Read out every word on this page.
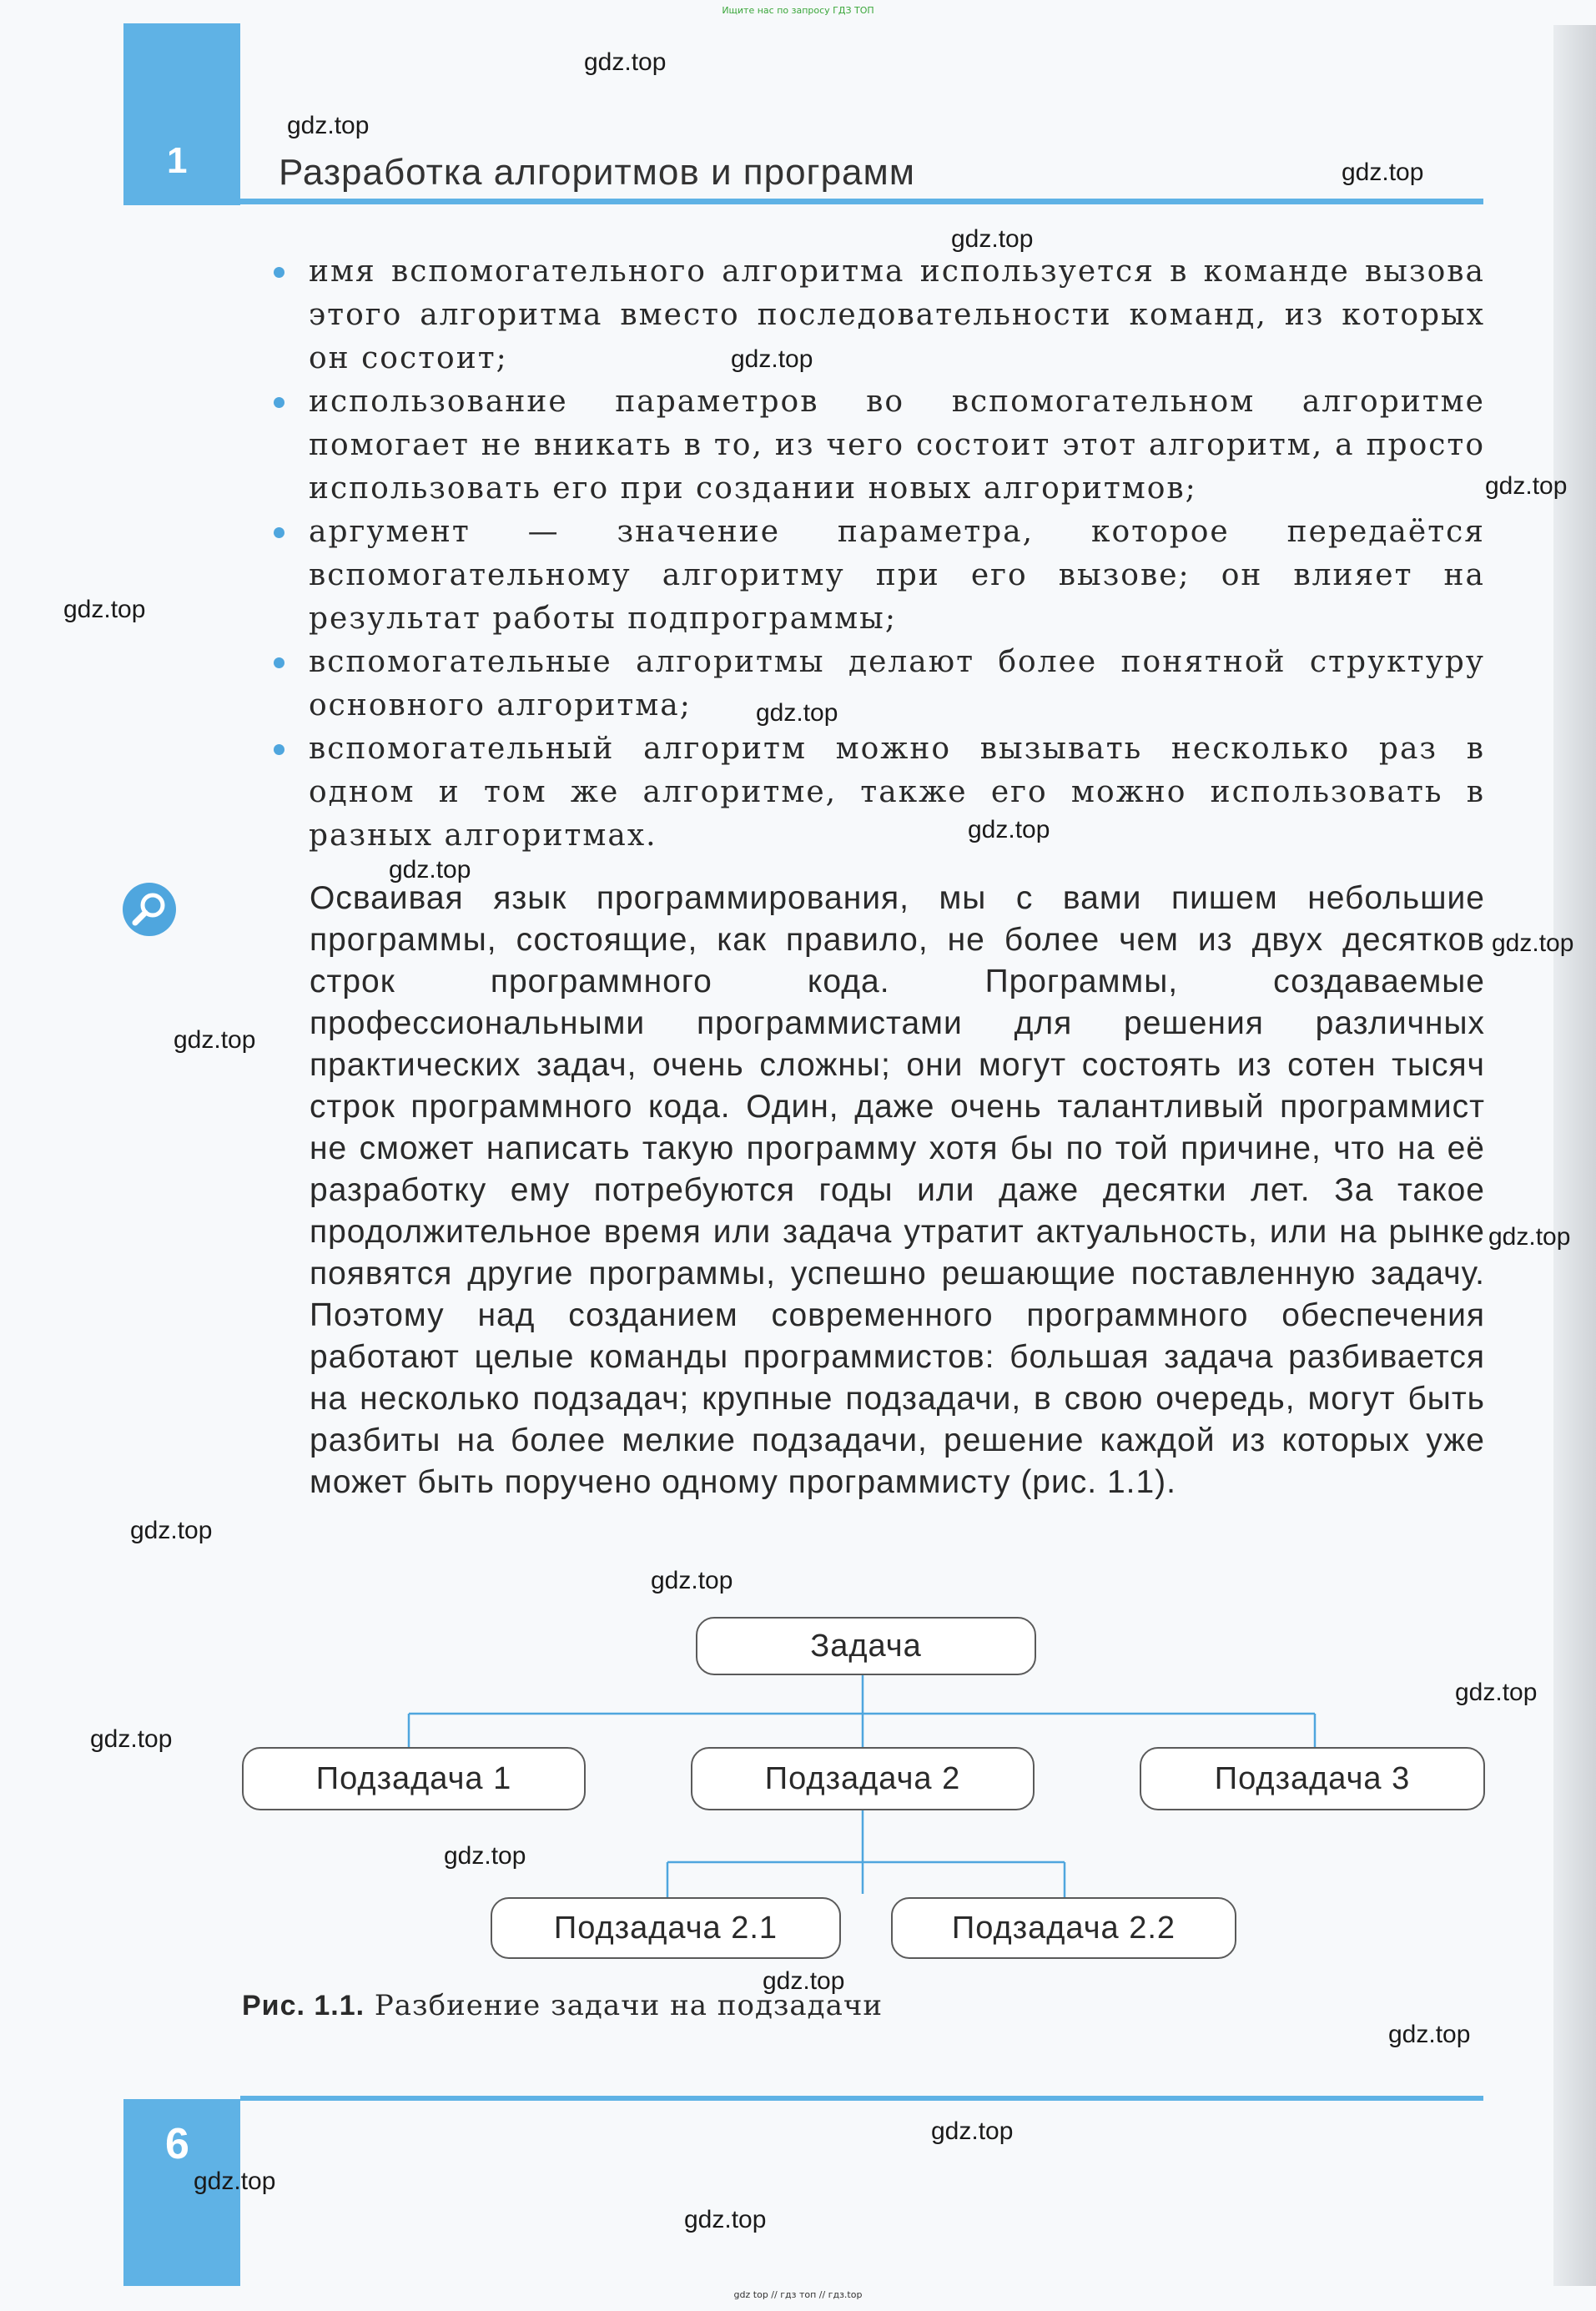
Ищите нас по запросу ГДЗ ТОП
1 Разработка алгоритмов и программ
имя вспомогательного алгоритма используется в команде вызова этого алгоритма вместо последовательности команд, из которых он состоит;
использование параметров во вспомогательном алгоритме помогает не вникать в то, из чего состоит этот алгоритм, а просто использовать его при создании новых алгоритмов;
аргумент — значение параметра, которое передаётся вспомогательному алгоритму при его вызове; он влияет на результат работы подпрограммы;
вспомогательные алгоритмы делают более понятной структуру основного алгоритма;
вспомогательный алгоритм можно вызывать несколько раз в одном и том же алгоритме, также его можно использовать в разных алгоритмах.
Осваивая язык программирования, мы с вами пишем небольшие программы, состоящие, как правило, не более чем из двух десятков строк программного кода. Программы, создаваемые профессиональными программистами для решения различных практических задач, очень сложны; они могут состоять из сотен тысяч строк программного кода. Один, даже очень талантливый программист не сможет написать такую программу хотя бы по той причине, что на её разработку ему потребуются годы или даже десятки лет. За такое продолжительное время или задача утратит актуальность, или на рынке появятся другие программы, успешно решающие поставленную задачу. Поэтому над созданием современного программного обеспечения работают целые команды программистов: большая задача разбивается на несколько подзадач; крупные подзадачи, в свою очередь, могут быть разбиты на более мелкие подзадачи, решение каждой из которых уже может быть поручено одному программисту (рис. 1.1).
Задача
Подзадача 1	Подзадача 2	Подзадача 3
Подзадача 2.1	Подзадача 2.2
Рис. 1.1. Разбиение задачи на подзадачи
6
gdz top // гдз топ // гдз.top
gdz.top
gdz.top
gdz.top
gdz.top
gdz.top
gdz.top
gdz.top
gdz.top
gdz.top
gdz.top
gdz.top
gdz.top
gdz.top
gdz.top
gdz.top
gdz.top
gdz.top
gdz.top
gdz.top
gdz.top
gdz.top
gdz.top
gdz.top
